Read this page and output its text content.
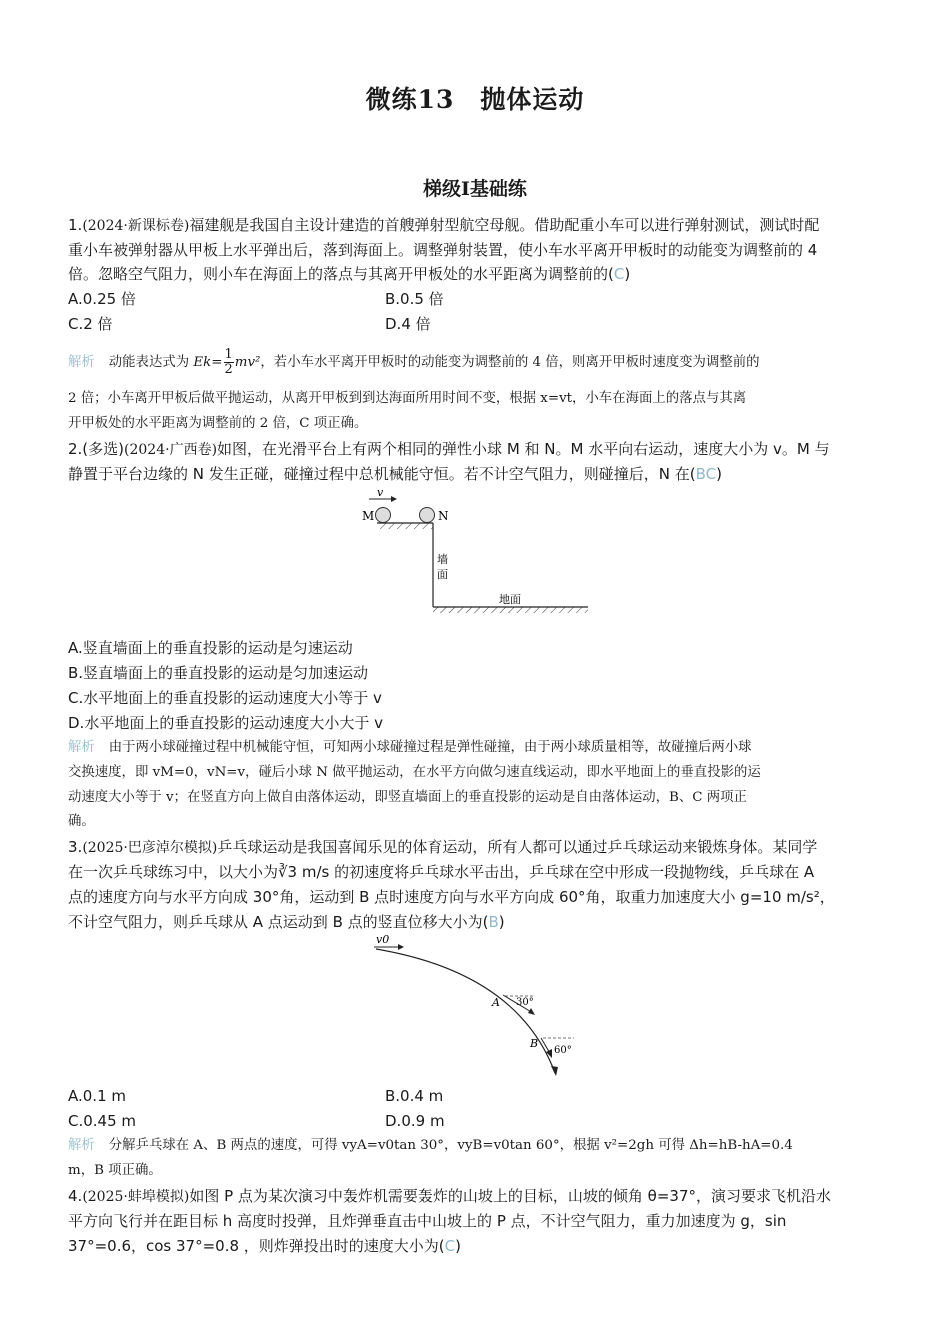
微练13　抛体运动
梯级Ⅰ基础练
1.(2024·新课标卷)福建舰是我国自主设计建造的首艘弹射型航空母舰。借助配重小车可以进行弹射测试，测试时配
重小车被弹射器从甲板上水平弹出后，落到海面上。调整弹射装置，使小车水平离开甲板时的动能变为调整前的 4
倍。忽略空气阻力，则小车在海面上的落点与其离开甲板处的水平距离为调整前的(C)
A.0.25 倍	B.0.5 倍
C.2 倍	D.4 倍
解析 动能表达式为 $Ek= \frac{1}{2} mv^2$，若小车水平离开甲板时的动能变为调整前的 4 倍，则离开甲板时速度变为调整前的
2 倍；小车离开甲板后做平抛运动，从离开甲板到到达海面所用时间不变，根据 x=vt，小车在海面上的落点与其离
开甲板处的水平距离为调整前的 2 倍，C 项正确。
2.(多选)(2024·广西卷)如图，在光滑平台上有两个相同的弹性小球 M 和 N。M 水平向右运动，速度大小为 v。M 与
静置于平台边缘的 N 发生正碰，碰撞过程中总机械能守恒。若不计空气阻力，则碰撞后，N 在(BC)
v
M	N
墙
面
地面
A.竖直墙面上的垂直投影的运动是匀速运动
B.竖直墙面上的垂直投影的运动是匀加速运动
C.水平地面上的垂直投影的运动速度大小等于 v
D.水平地面上的垂直投影的运动速度大小大于 v
解析 由于两小球碰撞过程中机械能守恒，可知两小球碰撞过程是弹性碰撞，由于两小球质量相等，故碰撞后两小球
交换速度，即 vM=0，vN=v，碰后小球 N 做平抛运动，在水平方向做匀速直线运动，即水平地面上的垂直投影的运
动速度大小等于 v；在竖直方向上做自由落体运动，即竖直墙面上的垂直投影的运动是自由落体运动，B、C 两项正
确。
3.(2025·巴彦淖尔模拟)乒乓球运动是我国喜闻乐见的体育运动，所有人都可以通过乒乓球运动来锻炼身体。某同学
在一次乒乓球练习中，以大小为∛3 m/s 的初速度将乒乓球水平击出，乒乓球在空中形成一段抛物线，乒乓球在 A
点的速度方向与水平方向成 30°角，运动到 B 点时速度方向与水平方向成 60°角，取重力加速度大小 g=10 m/s²，
不计空气阻力，则乒乓球从 A 点运动到 B 点的竖直位移大小为(B)
v0
A 30°
B
60°
A.0.1 m	B.0.4 m
C.0.45 m	D.0.9 m
解析 分解乒乓球在 A、B 两点的速度，可得 vyA=v0tan 30°，vyB=v0tan 60°，根据 v²=2gh 可得 Δh=hB-hA=0.4
m，B 项正确。
4.(2025·蚌埠模拟)如图 P 点为某次演习中轰炸机需要轰炸的山坡上的目标，山坡的倾角 θ=37°，演习要求飞机沿水
平方向飞行并在距目标 h 高度时投弹，且炸弹垂直击中山坡上的 P 点，不计空气阻力，重力加速度为 g，sin
37°=0.6，cos 37°=0.8 ，则炸弹投出时的速度大小为(C)
